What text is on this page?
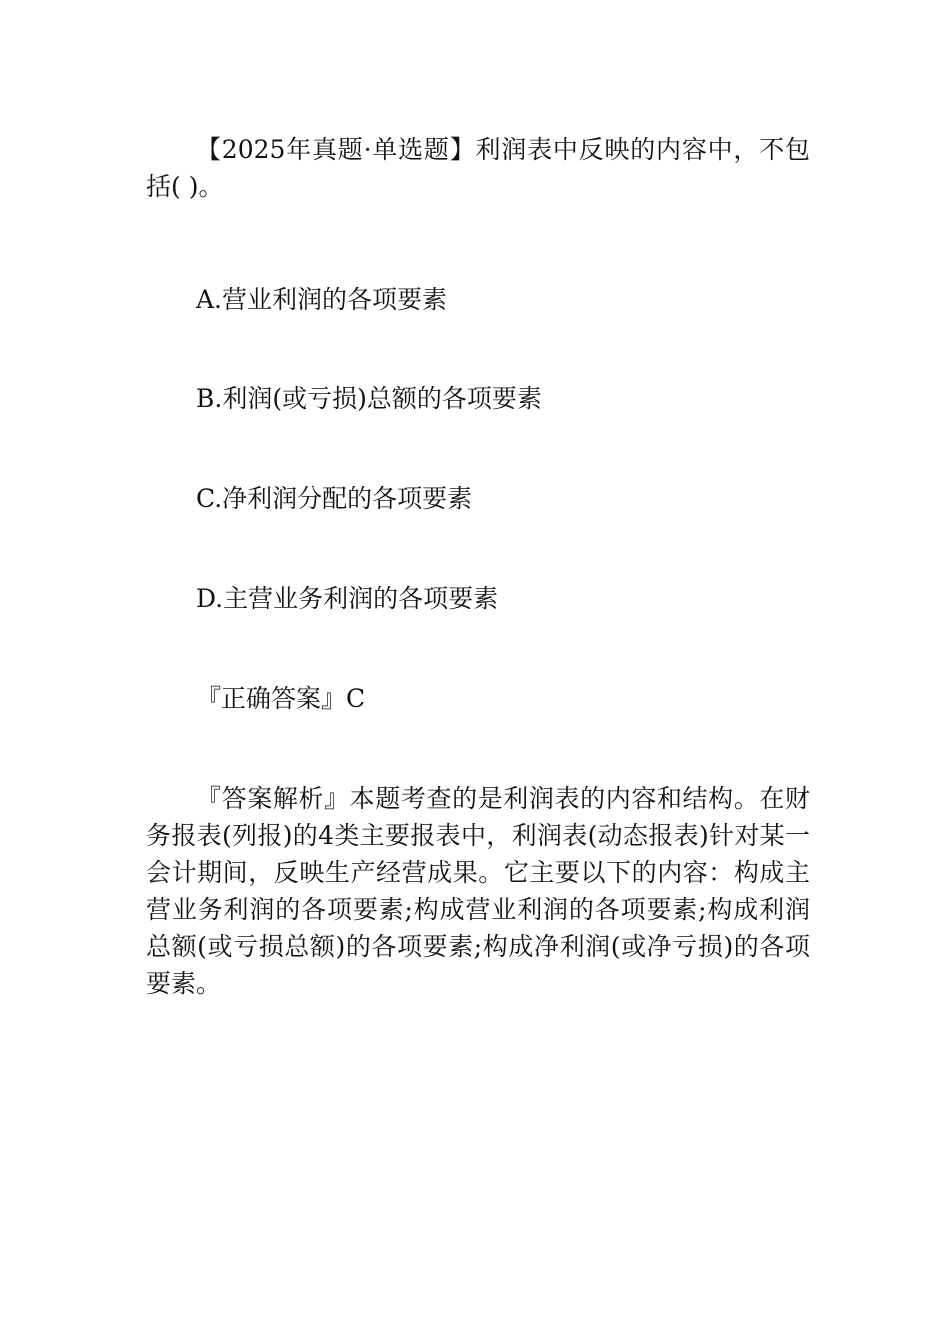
【2025年真题·单选题】利润表中反映的内容中，不包括( )。

A.营业利润的各项要素

B.利润(或亏损)总额的各项要素

C.净利润分配的各项要素

D.主营业务利润的各项要素

『正确答案』C

『答案解析』本题考查的是利润表的内容和结构。在财务报表(列报)的4类主要报表中，利润表(动态报表)针对某一会计期间，反映生产经营成果。它主要以下的内容：构成主营业务利润的各项要素;构成营业利润的各项要素;构成利润总额(或亏损总额)的各项要素;构成净利润(或净亏损)的各项要素。
